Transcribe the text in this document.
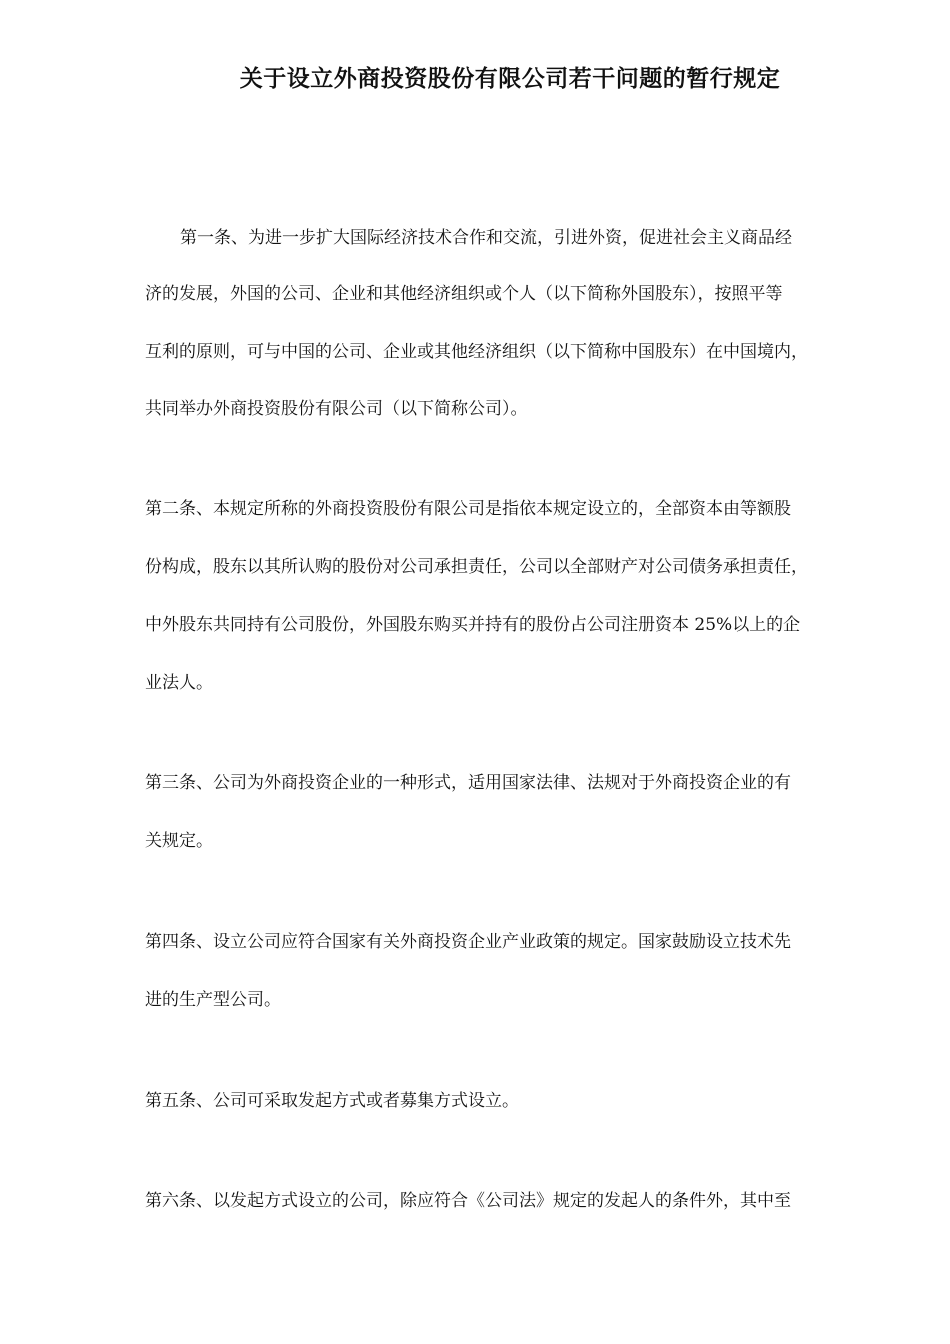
关于设立外商投资股份有限公司若干问题的暂行规定
第一条、为进一步扩大国际经济技术合作和交流，引进外资，促进社会主义商品经
济的发展，外国的公司、企业和其他经济组织或个人（以下简称外国股东），按照平等
互利的原则，可与中国的公司、企业或其他经济组织（以下简称中国股东）在中国境内，
共同举办外商投资股份有限公司（以下简称公司）。
第二条、本规定所称的外商投资股份有限公司是指依本规定设立的，全部资本由等额股
份构成，股东以其所认购的股份对公司承担责任，公司以全部财产对公司债务承担责任，
中外股东共同持有公司股份，外国股东购买并持有的股份占公司注册资本 25%以上的企
业法人。
第三条、公司为外商投资企业的一种形式，适用国家法律、法规对于外商投资企业的有
关规定。
第四条、设立公司应符合国家有关外商投资企业产业政策的规定。国家鼓励设立技术先
进的生产型公司。
第五条、公司可采取发起方式或者募集方式设立。
第六条、以发起方式设立的公司，除应符合《公司法》规定的发起人的条件外，其中至
